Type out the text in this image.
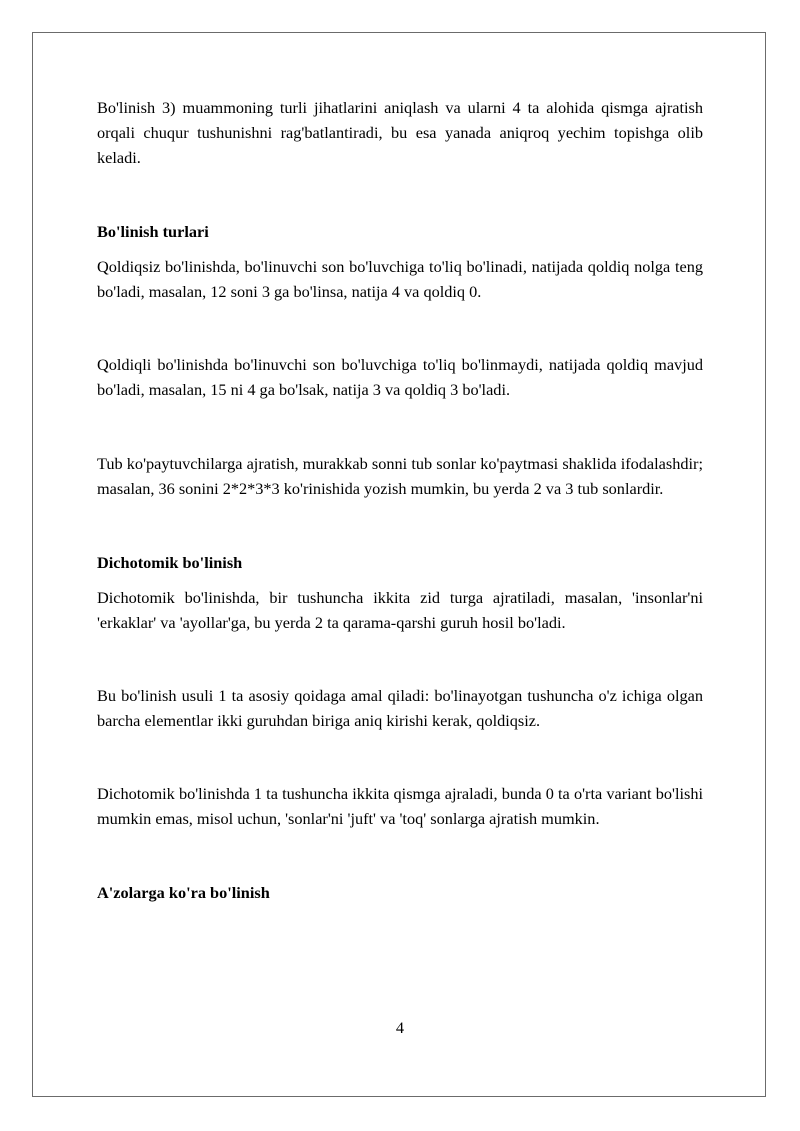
Bo'linish 3) muammoning turli jihatlarini aniqlash va ularni 4 ta alohida qismga ajratish orqali chuqur tushunishni rag'batlantiradi, bu esa yanada aniqroq yechim topishga olib keladi.

Bo'linish turlari

Qoldiqsiz bo'linishda, bo'linuvchi son bo'luvchiga to'liq bo'linadi, natijada qoldiq nolga teng bo'ladi, masalan, 12 soni 3 ga bo'linsa, natija 4 va qoldiq 0.

Qoldiqli bo'linishda bo'linuvchi son bo'luvchiga to'liq bo'linmaydi, natijada qoldiq mavjud bo'ladi, masalan, 15 ni 4 ga bo'lsak, natija 3 va qoldiq 3 bo'ladi.

Tub ko'paytuvchilarga ajratish, murakkab sonni tub sonlar ko'paytmasi shaklida ifodalashdir; masalan, 36 sonini 2*2*3*3 ko'rinishida yozish mumkin, bu yerda 2 va 3 tub sonlardir.

Dichotomik bo'linish

Dichotomik bo'linishda, bir tushuncha ikkita zid turga ajratiladi, masalan, 'insonlar'ni 'erkaklar' va 'ayollar'ga, bu yerda 2 ta qarama-qarshi guruh hosil bo'ladi.

Bu bo'linish usuli 1 ta asosiy qoidaga amal qiladi: bo'linayotgan tushuncha o'z ichiga olgan barcha elementlar ikki guruhdan biriga aniq kirishi kerak, qoldiqsiz.

Dichotomik bo'linishda 1 ta tushuncha ikkita qismga ajraladi, bunda 0 ta o'rta variant bo'lishi mumkin emas, misol uchun, 'sonlar'ni 'juft' va 'toq' sonlarga ajratish mumkin.

A'zolarga ko'ra bo'linish
4
